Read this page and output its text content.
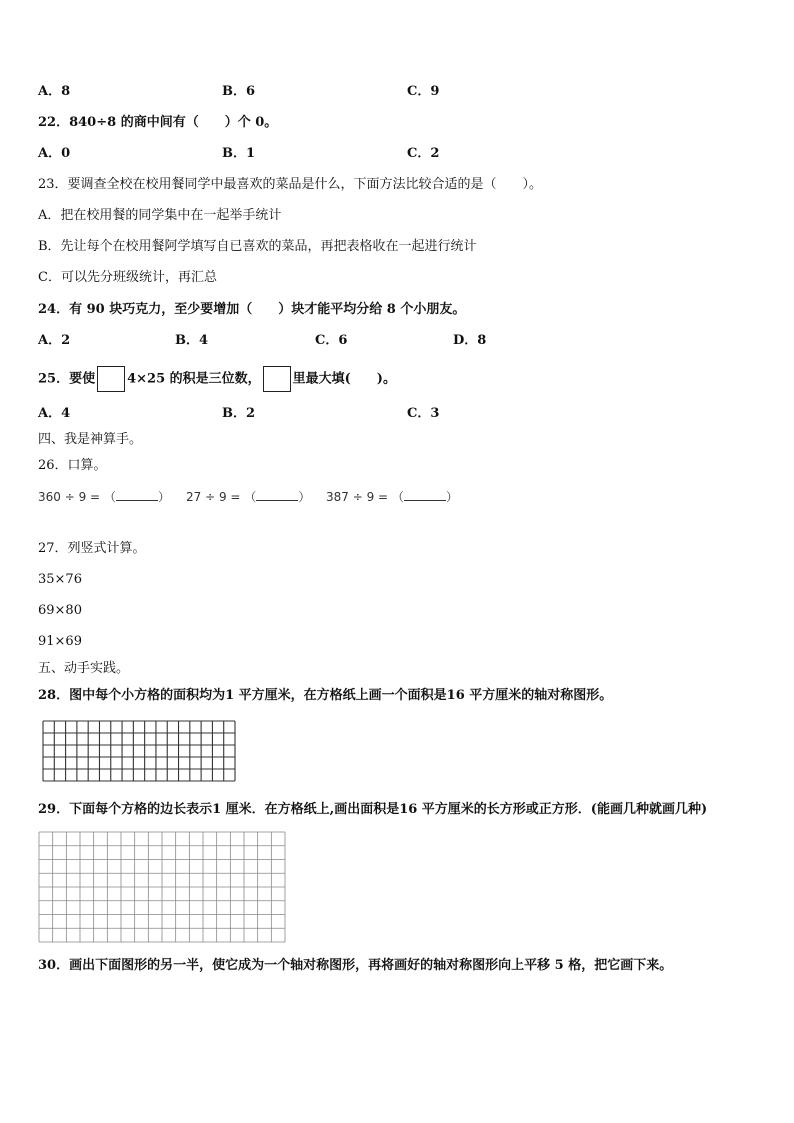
A．8	B．6	C．9
22．840÷8 的商中间有（　　）个 0。
A．0	B．1	C．2
23．要调查全校在校用餐同学中最喜欢的菜品是什么，下面方法比较合适的是（　　）。
A．把在校用餐的同学集中在一起举手统计
B．先让每个在校用餐阿学填写自已喜欢的菜品，再把表格收在一起进行统计
C．可以先分班级统计，再汇总
24．有 90 块巧克力，至少要增加（　　）块才能平均分给 8 个小朋友。
A．2	B．4	C．6	D．8
25．要使 4×25 的积是三位数， 里最大填(　　)。
A．4	B．2	C．3
四、我是神算手。
26．口算。
360 ÷ 9 = （	） 27 ÷ 9 = （	） 387 ÷ 9 = （	）
27．列竖式计算。
35×76
69×80
91×69
五、动手实践。
28．图中每个小方格的面积均为1 平方厘米，在方格纸上画一个面积是16 平方厘米的轴对称图形。
29．下面每个方格的边长表示1 厘米．在方格纸上,画出面积是16 平方厘米的长方形或正方形．(能画几种就画几种)
30．画出下面图形的另一半，使它成为一个轴对称图形，再将画好的轴对称图形向上平移 5 格，把它画下来。
